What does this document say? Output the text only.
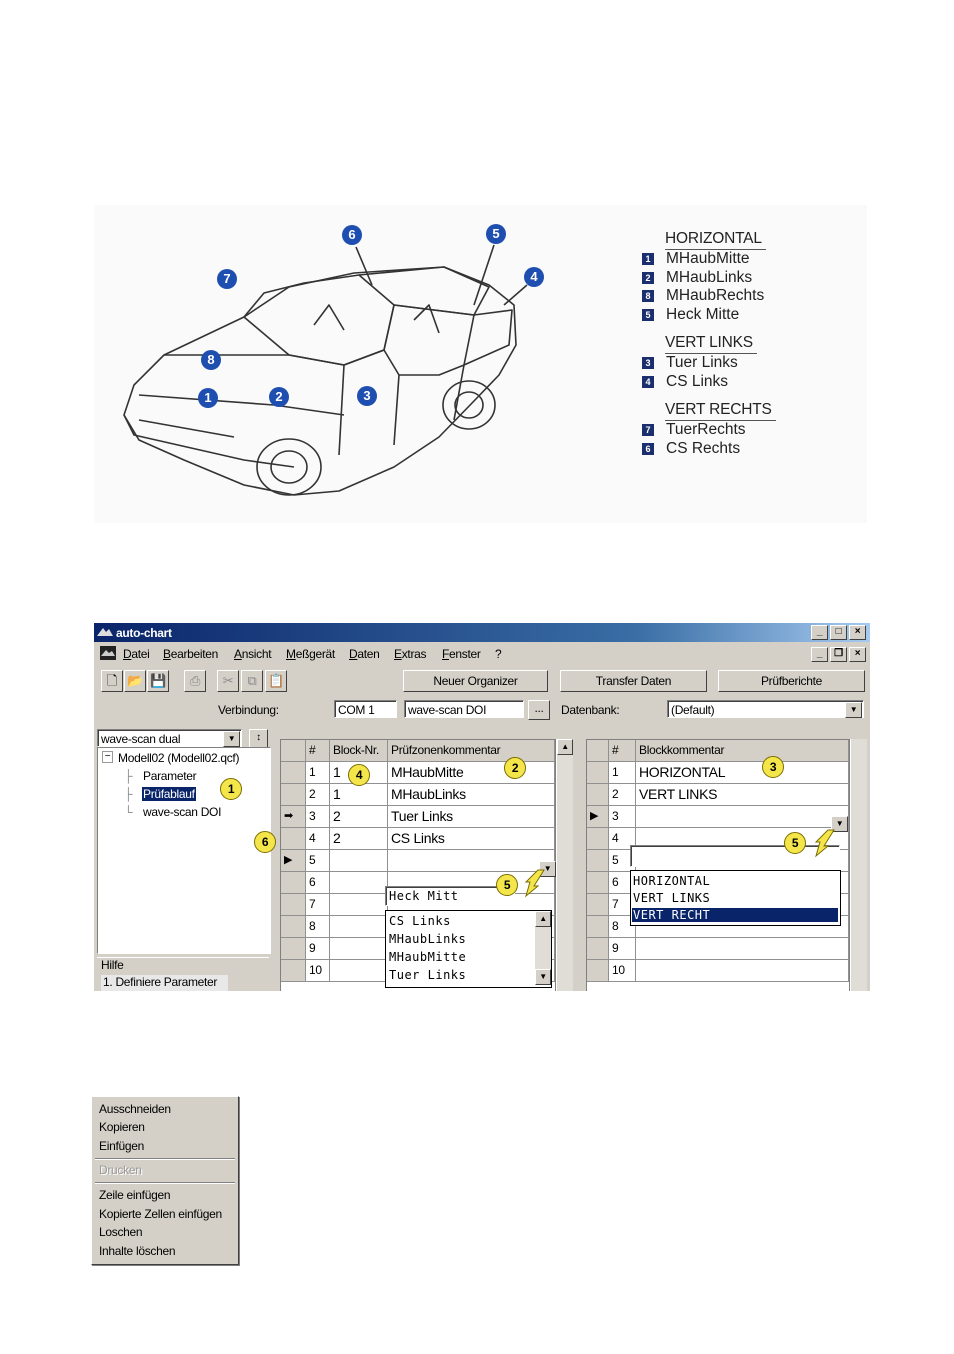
6	5
4
7
8
1	2	3
HORIZONTAL
1 MHaubMitte
2 MHaubLinks
8 MHaubRechts
5 Heck Mitte
VERT LINKS
3 Tuer Links
4 CS Links
VERT RECHTS
7 TuerRechts
6 CS Rechts
auto-chart	_	□	×
Datei Bearbeiten Ansicht Meßgerät Daten Extras Fenster ?	_	❐	×
🗋 📂 💾	⎙	✂	⧉ 📋	Neuer Organizer	Transfer Daten	Prüfberichte
Verbindung:	COM 1	wave-scan DOI	...	Datenbank:	(Default)	▼
wave-scan dual	▼	↕
− Modell02 (Modell02.qcf)
├ Parameter
├ Prüfablauf
└ wave-scan DOI
Hilfe
1. Definiere Parameter
#	Block-Nr.	Prüfzonenkommentar
1	1	MHaubMitte
2	1	MHaubLinks
➡	3	2	Tuer Links
4	2	CS Links
▶	5
6
7
8
9
10
▲
Heck Mitt
CS Links
MHaubLinks
MHaubMitte
Tuer Links
▲
▼
▼
#	Blockkommentar
1	HORIZONTAL
2	VERT LINKS
▶	3
4
5
6
7
8
9
10
▼
HORIZONTAL
VERT LINKS
VERT RECHT
1
2	3
4
5
5
6
Ausschneiden
Kopieren
Einfügen
Drucken
Zeile einfügen
Kopierte Zellen einfügen
Loschen
Inhalte löschen
